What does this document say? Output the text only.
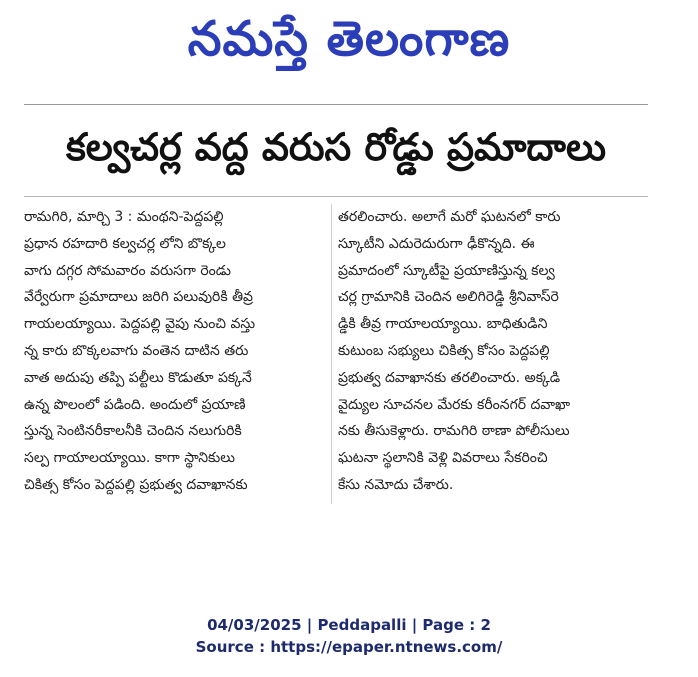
నమస్తే తెలంగాణ
కల్వచర్ల వద్ద వరుస రోడ్డు ప్రమాదాలు
రామగిరి, మార్చి 3 : మంథని-పెద్దపల్లి
ప్రధాన రహదారి కల్వచర్ల లోని బొక్కల
వాగు దగ్గర సోమవారం వరుసగా రెండు
వేర్వేరుగా ప్రమాదాలు జరిగి పలువురికి తీవ్ర
గాయలయ్యాయి. పెద్దపల్లి వైపు నుంచి వస్తు
న్న కారు బొక్కలవాగు వంతెన దాటిన తరు
వాత అదుపు తప్పి పల్టీలు కొడుతూ పక్కనే
ఉన్న పొలంలో పడింది. అందులో ప్రయాణి
స్తున్న సెంటినరీకాలనీకి చెందిన నలుగురికి
సల్ప గాయాలయ్యాయి. కాగా స్థానికులు
చికిత్స కోసం పెద్దపల్లి ప్రభుత్వ దవాఖానకు
తరలించారు. అలాగే మరో ఘటనలో కారు
స్కూటీని ఎదురెదురుగా ఢీకొన్నది. ఈ
ప్రమాదంలో స్కూటీపై ప్రయాణిస్తున్న కల్వ
చర్ల గ్రామానికి చెందిన అలిగిరెడ్డి శ్రీనివాస్‌రె
డ్డికి తీవ్ర గాయాలయ్యాయి. బాధితుడిని
కుటుంబ సభ్యులు చికిత్స కోసం పెద్దపల్లి
ప్రభుత్వ దవాఖానకు తరలించారు. అక్కడి
వైద్యుల సూచనల మేరకు కరీంనగర్ దవాఖా
నకు తీసుకెళ్లారు. రామగిరి ఠాణా పోలీసులు
ఘటనా స్థలానికి వెళ్లి వివరాలు సేకరించి
కేసు నమోదు చేశారు.
04/03/2025 | Peddapalli | Page : 2
Source : https://epaper.ntnews.com/
